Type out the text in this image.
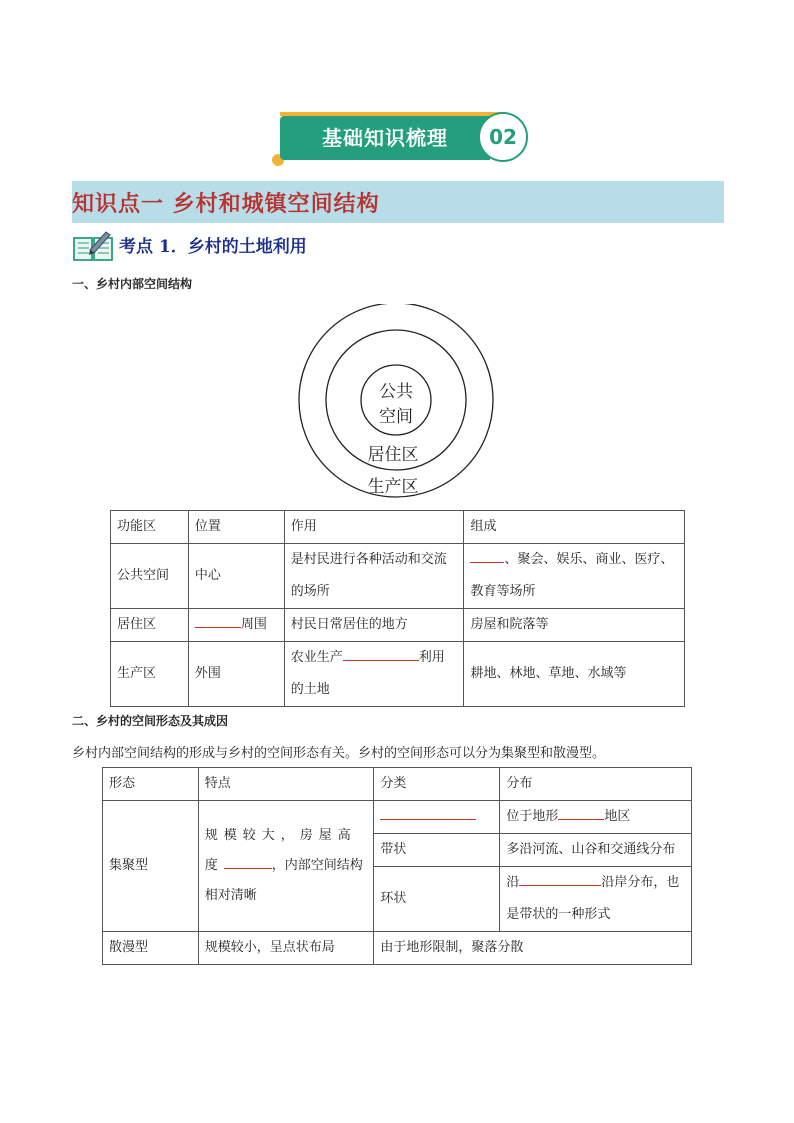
基础知识梳理	02
知识点一 乡村和城镇空间结构
考点 1．乡村的土地利用
一、乡村内部空间结构
公共
空间
居住区
生产区
功能区	位置	作用	组成
公共空间	中心	是村民进行各种活动和交流的场所	、聚会、娱乐、商业、医疗、教育等场所
居住区	周围	村民日常居住的地方	房屋和院落等
生产区	外围	农业生产 利用的土地	耕地、林地、草地、水域等
二、乡村的空间形态及其成因
乡村内部空间结构的形成与乡村的空间形态有关。乡村的空间形态可以分为集聚型和散漫型。
形态	特点	分类	分布
集聚型	规模较大，房屋高度 ，内部空间结构相对清晰		位于地形 地区
		带状	多沿河流、山谷和交通线分布
		环状	沿 沿岸分布，也是带状的一种形式
散漫型	规模较小，呈点状布局	由于地形限制，聚落分散	
